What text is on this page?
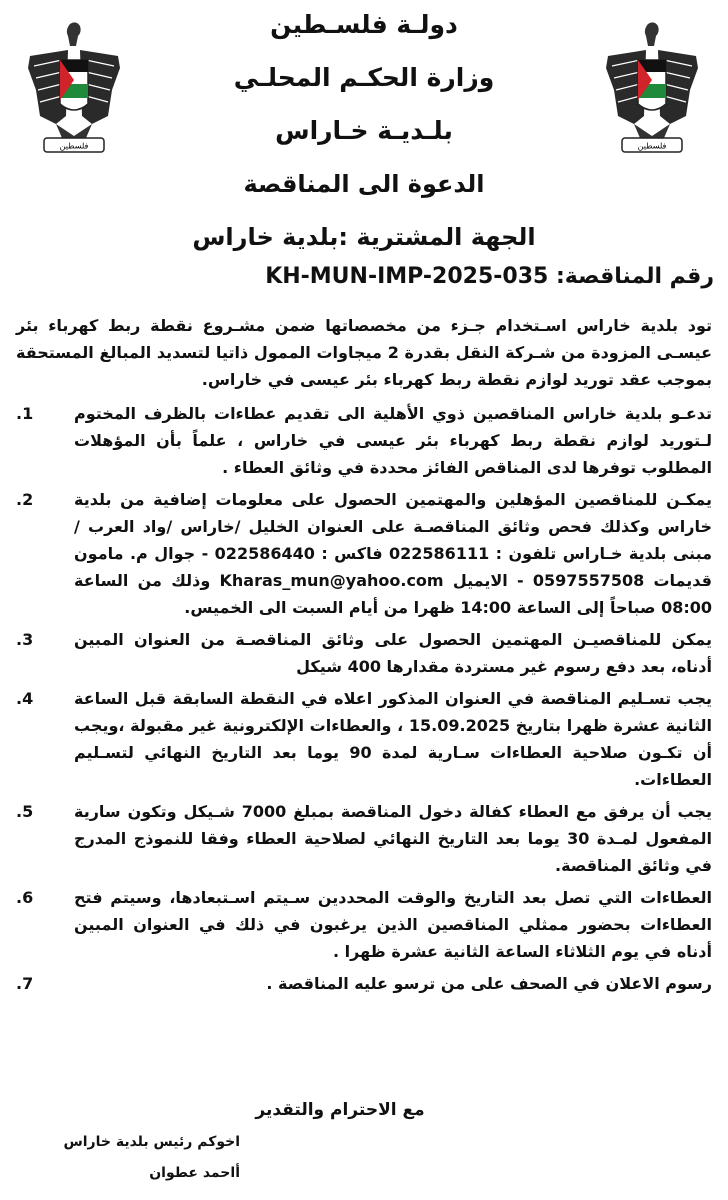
فلسطين	فلسطين
دولـة فلسـطين
وزارة الحكـم المحلـي
بلـديـة خـاراس
الدعوة الى المناقصة
الجهة المشترية :بلدية خاراس
رقم المناقصة: KH-MUN-IMP-2025-035

تود بلدية خاراس اسـتخدام جـزء من مخصصاتها ضمن مشـروع نقطة ربط كهرباء بئر عيسـى المزودة من شـركة النقل بقدرة 2 ميجاوات الممول ذاتيا لتسديد المبالغ المستحقة بموجب عقد توريد لوازم نقطة ربط كهرباء بئر عيسى في خاراس.

.1	تدعـو بلدية خاراس المناقصين ذوي الأهلية الى تقديم عطاءات بالظرف المختوم لـتوريد لوازم نقطة ربط كهرباء بئر عيسى في خاراس ، علماً بأن المؤهلات المطلوب توفرها لدى المناقص الفائز محددة في وثائق العطاء .
.2	يمكـن للمناقصين المؤهلين والمهتمين الحصول على معلومات إضافية من بلدية خاراس وكذلك فحص وثائق المناقصـة على العنوان الخليل /خاراس /واد العرب / مبنى بلدية خـاراس تلفون : 022586111 فاكس : 022586440 - جوال م. مامون قديمات 0597557508 - الايميل Kharas_mun@yahoo.com وذلك من الساعة 08:00 صباحاً إلى الساعة 14:00 ظهرا من أيام السبت الى الخميس.
.3	يمكن للمناقصيـن المهتمين الحصول على وثائق المناقصـة من العنوان المبين أدناه، بعد دفع رسوم غير مستردة مقدارها 400 شيكل
.4	يجب تسـليم المناقصة في العنوان المذكور اعلاه في النقطة السابقة قبل الساعة الثانية عشرة ظهرا بتاريخ 15.09.2025 ، والعطاءات الإلكترونية غير مقبولة ،ويجب أن تكـون صلاحية العطاءات سـارية لمدة 90 يوما بعد التاريخ النهائي لتسـليم العطاءات.
.5	يجب أن يرفق مع العطاء كفالة دخول المناقصة بمبلغ 7000 شـيكل وتكون سارية المفعول لمـدة 30 يوما بعد التاريخ النهائي لصلاحية العطاء وفقا للنموذج المدرج في وثائق المناقصة.
.6	العطاءات التي تصل بعد التاريخ والوقت المحددين سـيتم اسـتبعادها، وسيتم فتح العطاءات بحضور ممثلي المناقصين الذين يرغبون في ذلك في العنوان المبين أدناه في يوم الثلاثاء الساعة الثانية عشرة ظهرا .
.7	رسوم الاعلان في الصحف على من ترسو عليه المناقصة .
مع الاحترام والتقدير
اخوكم رئيس بلدية خاراس
أاحمد عطوان
